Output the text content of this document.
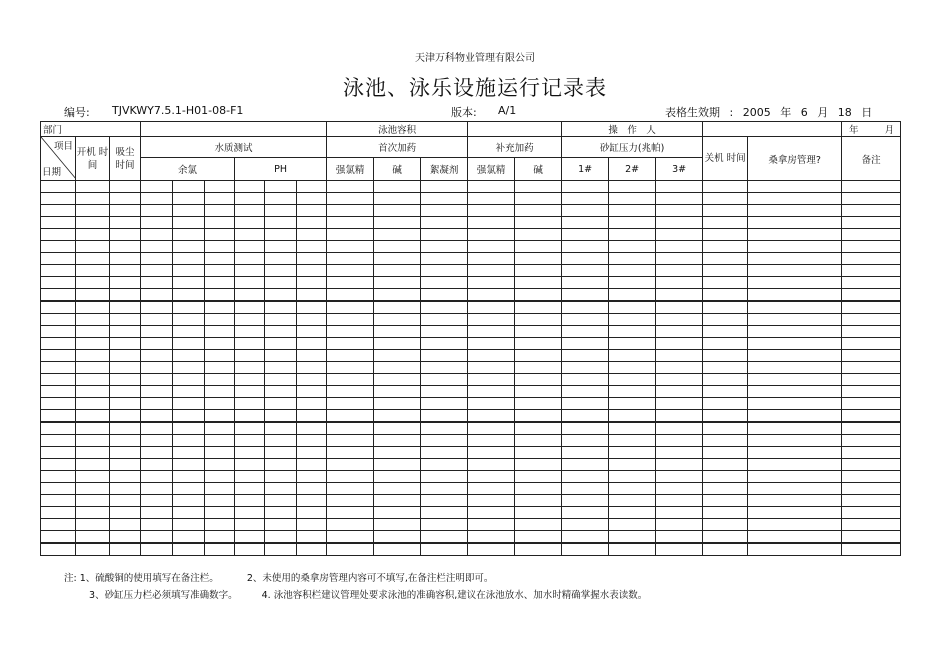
天津万科物业管理有限公司
泳池、泳乐设施运行记录表
编号: TJVKWY7.5.1-H01-08-F1	版本: A/1	表格生效期 : 2005 年 6 月 18 日
部门									泳池容积					操　作　人					年 月

项目
日期	开机 时间	吸尘 时间	水质测试						首次加药			补充加药		砂缸压力(兆帕)			关机 时间	桑拿房管理?	备注
			余氯			PH			强氯精	碱	絮凝剂	强氯精	碱	1#	2#	3#			

注: 1、硫酸铜的使用填写在备注栏。	2、未使用的桑拿房管理内容可不填写,在备注栏注明即可。
3、砂缸压力栏必须填写准确数字。	4. 泳池容积栏建议管理处要求泳池的准确容积,建议在泳池放水、加水时精确掌握水表读数。
